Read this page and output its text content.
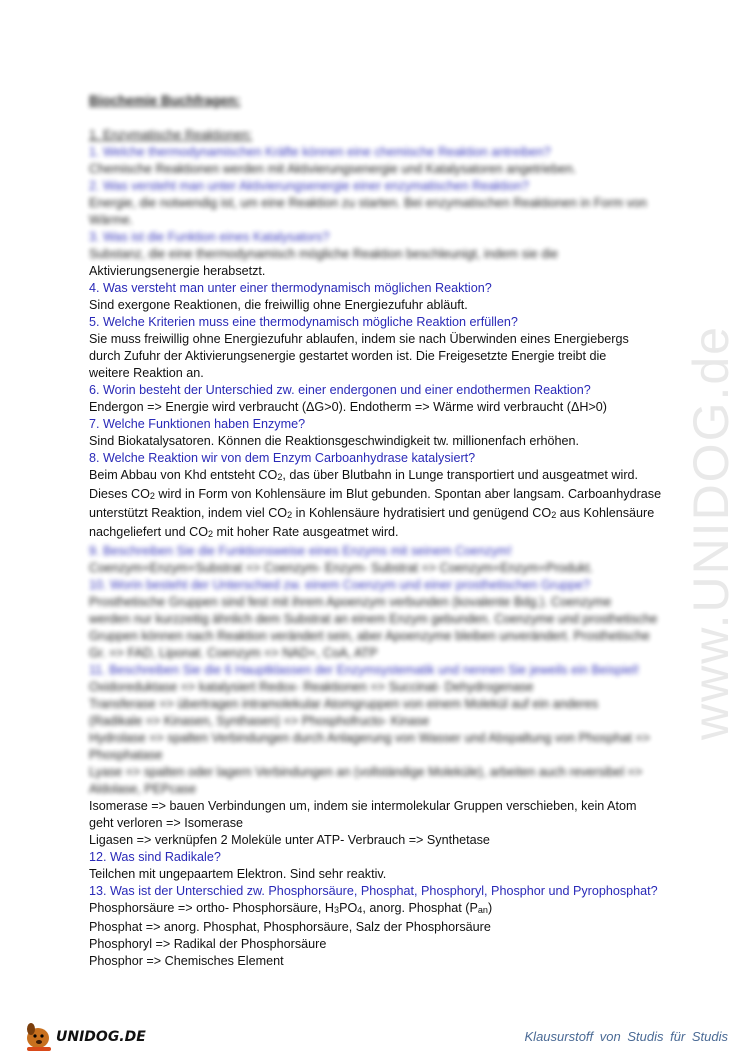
Biochemie Buchfragen:
1. Enzymatische Reaktionen:
1. Welche thermodynamischen Kräfte können eine chemische Reaktion antreiben?
Chemische Reaktionen werden mit Aktivierungsenergie und Katalysatoren angetrieben.
2. Was versteht man unter Aktivierungsenergie einer enzymatischen Reaktion?
Energie, die notwendig ist, um eine Reaktion zu starten. Bei enzymatischen Reaktionen in Form von Wärme.
3. Was ist die Funktion eines Katalysators?
Substanz, die eine thermodynamisch mögliche Reaktion beschleunigt, indem sie die
Aktivierungsenergie herabsetzt.
4. Was versteht man unter einer thermodynamisch möglichen Reaktion?
Sind exergone Reaktionen, die freiwillig ohne Energiezufuhr abläuft.
5. Welche Kriterien muss eine thermodynamisch mögliche Reaktion erfüllen?
Sie muss freiwillig ohne Energiezufuhr ablaufen, indem sie nach Überwinden eines Energiebergs
durch Zufuhr der Aktivierungsenergie gestartet worden ist. Die Freigesetzte Energie treibt die
weitere Reaktion an.
6. Worin besteht der Unterschied zw. einer endergonen und einer endothermen Reaktion?
Endergon => Energie wird verbraucht (ΔG>0). Endotherm => Wärme wird verbraucht (ΔH>0)
7. Welche Funktionen haben Enzyme?
Sind Biokatalysatoren. Können die Reaktionsgeschwindigkeit tw. millionenfach erhöhen.
8. Welche Reaktion wir von dem Enzym Carboanhydrase katalysiert?
Beim Abbau von Khd entsteht $CO_2$, das über Blutbahn in Lunge transportiert und ausgeatmet wird.
Dieses $CO_2$ wird in Form von Kohlensäure im Blut gebunden. Spontan aber langsam. Carboanhydrase
unterstützt Reaktion, indem viel $CO_2$ in Kohlensäure hydratisiert und genügend $CO_2$ aus Kohlensäure
nachgeliefert und $CO_2$ mit hoher Rate ausgeatmet wird.
9. Beschreiben Sie die Funktionsweise eines Enzyms mit seinem Coenzym!
Coenzym+Enzym+Substrat => Coenzym- Enzym- Substrat => Coenzym+Enzym+Produkt.
10. Worin besteht der Unterschied zw. einem Coenzym und einer prosthetischen Gruppe?
Prosthetische Gruppen sind fest mit ihrem Apoenzym verbunden (kovalente Bdg.). Coenzyme
werden nur kurzzeitig ähnlich dem Substrat an einem Enzym gebunden. Coenzyme und prosthetische
Gruppen können nach Reaktion verändert sein, aber Apoenzyme bleiben unverändert. Prosthetische
Gr. => FAD, Liponat. Coenzym => NAD+, CoA, ATP
11. Beschreiben Sie die 6 Hauptklassen der Enzymsystematik und nennen Sie jeweils ein Beispiel!
Oxidoreduktase => katalysiert Redox- Reaktionen => Succinat- Dehydrogenase
Transferase => übertragen intramolekular Atomgruppen von einem Molekül auf ein anderes
(Radikale => Kinasen, Synthasen) => Phosphofructo- Kinase
Hydrolase => spalten Verbindungen durch Anlagerung von Wasser und Abspaltung von Phosphat =>
Phosphatase
Lyase => spalten oder lagern Verbindungen an (vollständige Moleküle), arbeiten auch reversibel =>
Aldolase, PEPcase
Isomerase => bauen Verbindungen um, indem sie intermolekular Gruppen verschieben, kein Atom
geht verloren => Isomerase
Ligasen => verknüpfen 2 Moleküle unter ATP- Verbrauch => Synthetase
12. Was sind Radikale?
Teilchen mit ungepaartem Elektron. Sind sehr reaktiv.
13. Was ist der Unterschied zw. Phosphorsäure, Phosphat, Phosphoryl, Phosphor und Pyrophosphat?
Phosphorsäure => ortho- Phosphorsäure, $H_3PO_4$, anorg. Phosphat $(P_{an})$
Phosphat => anorg. Phosphat, Phosphorsäure, Salz der Phosphorsäure
Phosphoryl => Radikal der Phosphorsäure
Phosphor => Chemisches Element
www.UNIDOG.de
UNIDOG.DE	Klausurstoff von Studis für Studis
